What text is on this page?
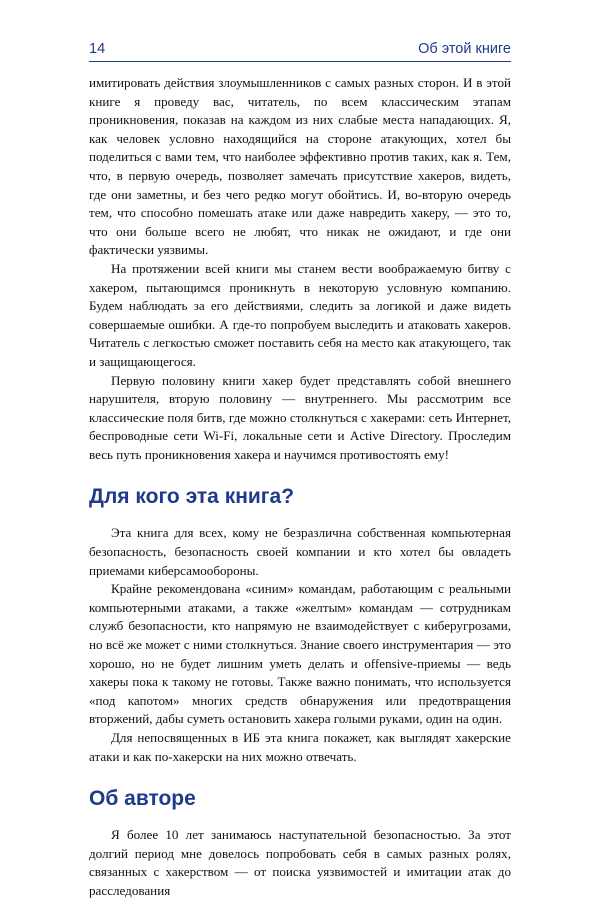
14	Об этой книге

имитировать действия злоумышленников с самых разных сторон. И в этой книге я проведу вас, читатель, по всем классическим этапам проникновения, показав на каждом из них слабые места нападающих. Я, как человек условно находящийся на стороне атакующих, хотел бы поделиться с вами тем, что наиболее эффективно против таких, как я. Тем, что, в первую очередь, позволяет замечать присутствие хакеров, видеть, где они заметны, и без чего редко могут обойтись. И, во-вторую очередь тем, что способно помешать атаке или даже навредить хакеру, — это то, что они больше всего не любят, что никак не ожидают, и где они фактически уязвимы.

На протяжении всей книги мы станем вести воображаемую битву с хакером, пытающимся проникнуть в некоторую условную компанию. Будем наблюдать за его действиями, следить за логикой и даже видеть совершаемые ошибки. А где-то попробуем выследить и атаковать хакеров. Читатель с легкостью сможет поставить себя на место как атакующего, так и защищающегося.

Первую половину книги хакер будет представлять собой внешнего нарушителя, вторую половину — внутреннего. Мы рассмотрим все классические поля битв, где можно столкнуться с хакерами: сеть Интернет, беспроводные сети Wi-Fi, локальные сети и Active Directory. Проследим весь путь проникновения хакера и научимся противостоять ему!

Для кого эта книга?

Эта книга для всех, кому не безразлична собственная компьютерная безопасность, безопасность своей компании и кто хотел бы овладеть приемами киберсамообороны.

Крайне рекомендована «синим» командам, работающим с реальными компьютерными атаками, а также «желтым» командам — сотрудникам служб безопасности, кто напрямую не взаимодействует с киберугрозами, но всё же может с ними столкнуться. Знание своего инструментария — это хорошо, но не будет лишним уметь делать и offensive-приемы — ведь хакеры пока к такому не готовы. Также важно понимать, что используется «под капотом» многих средств обнаружения или предотвращения вторжений, дабы суметь остановить хакера голыми руками, один на один.

Для непосвященных в ИБ эта книга покажет, как выглядят хакерские атаки и как по-хакерски на них можно отвечать.

Об авторе

Я более 10 лет занимаюсь наступательной безопасностью. За этот долгий период мне довелось попробовать себя в самых разных ролях, связанных с хакерством — от поиска уязвимостей и имитации атак до расследования
